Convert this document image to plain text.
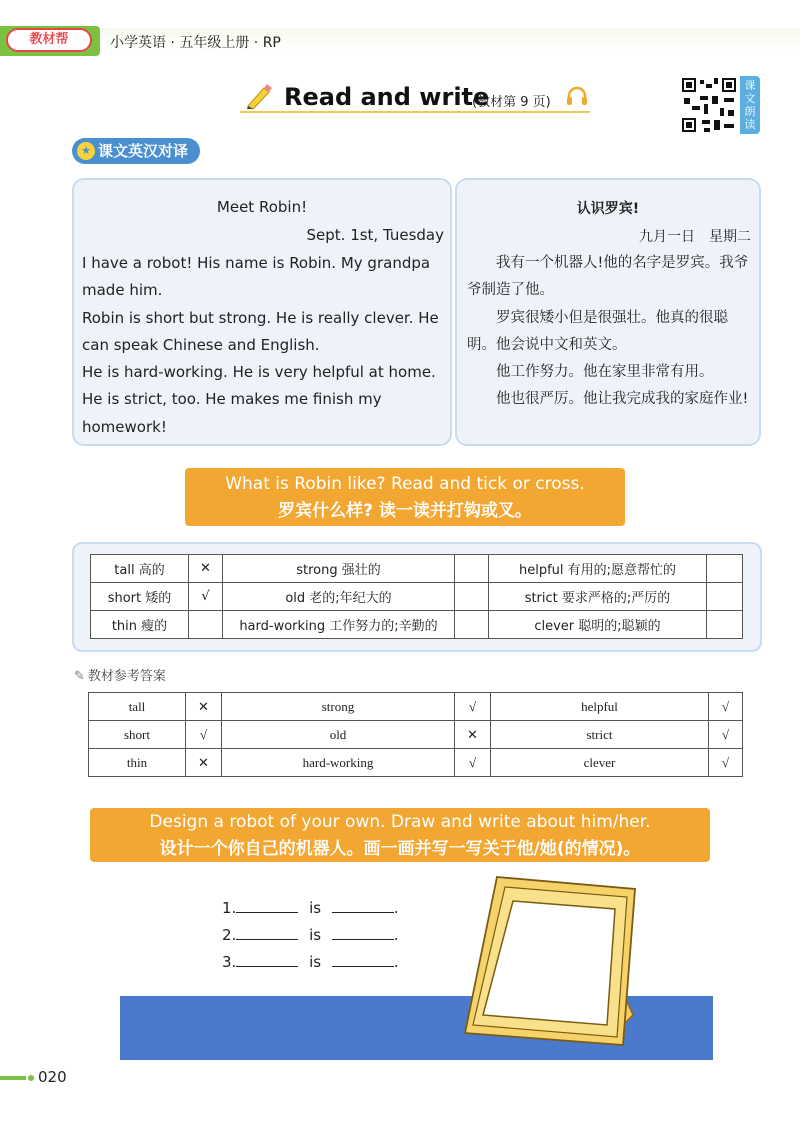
教材帮	小学英语 · 五年级上册 · RP
Read and write
(教材第 9 页)
课文朗读
★ 课文英汉对译
Meet Robin!
Sept. 1st, Tuesday
I have a robot! His name is Robin. My grandpa
made him.
Robin is short but strong. He is really clever. He
can speak Chinese and English.
He is hard-working. He is very helpful at home.
He is strict, too. He makes me finish my
homework!
认识罗宾!
九月一日　星期二

我有一个机器人!他的名字是罗宾。我爷爷制造了他。

罗宾很矮小但是很强壮。他真的很聪明。他会说中文和英文。

他工作努力。他在家里非常有用。

他也很严厉。他让我完成我的家庭作业!

What is Robin like? Read and tick or cross.
罗宾什么样? 读一读并打钩或叉。
tall 高的	✕	strong 强壮的		helpful 有用的;愿意帮忙的	
short 矮的	√	old 老的;年纪大的		strict 要求严格的;严厉的	
thin 瘦的		hard-working 工作努力的;辛勤的		clever 聪明的;聪颖的	
✎ 教材参考答案
tall	✕	strong	√	helpful	√
short	√	old	✕	strict	√
thin	✕	hard-working	√	clever	√
Design a robot of your own. Draw and write about him/her.
设计一个你自己的机器人。画一画并写一写关于他/她(的情况)。
1.	is	.
2.	is	.
3.	is	.
020
